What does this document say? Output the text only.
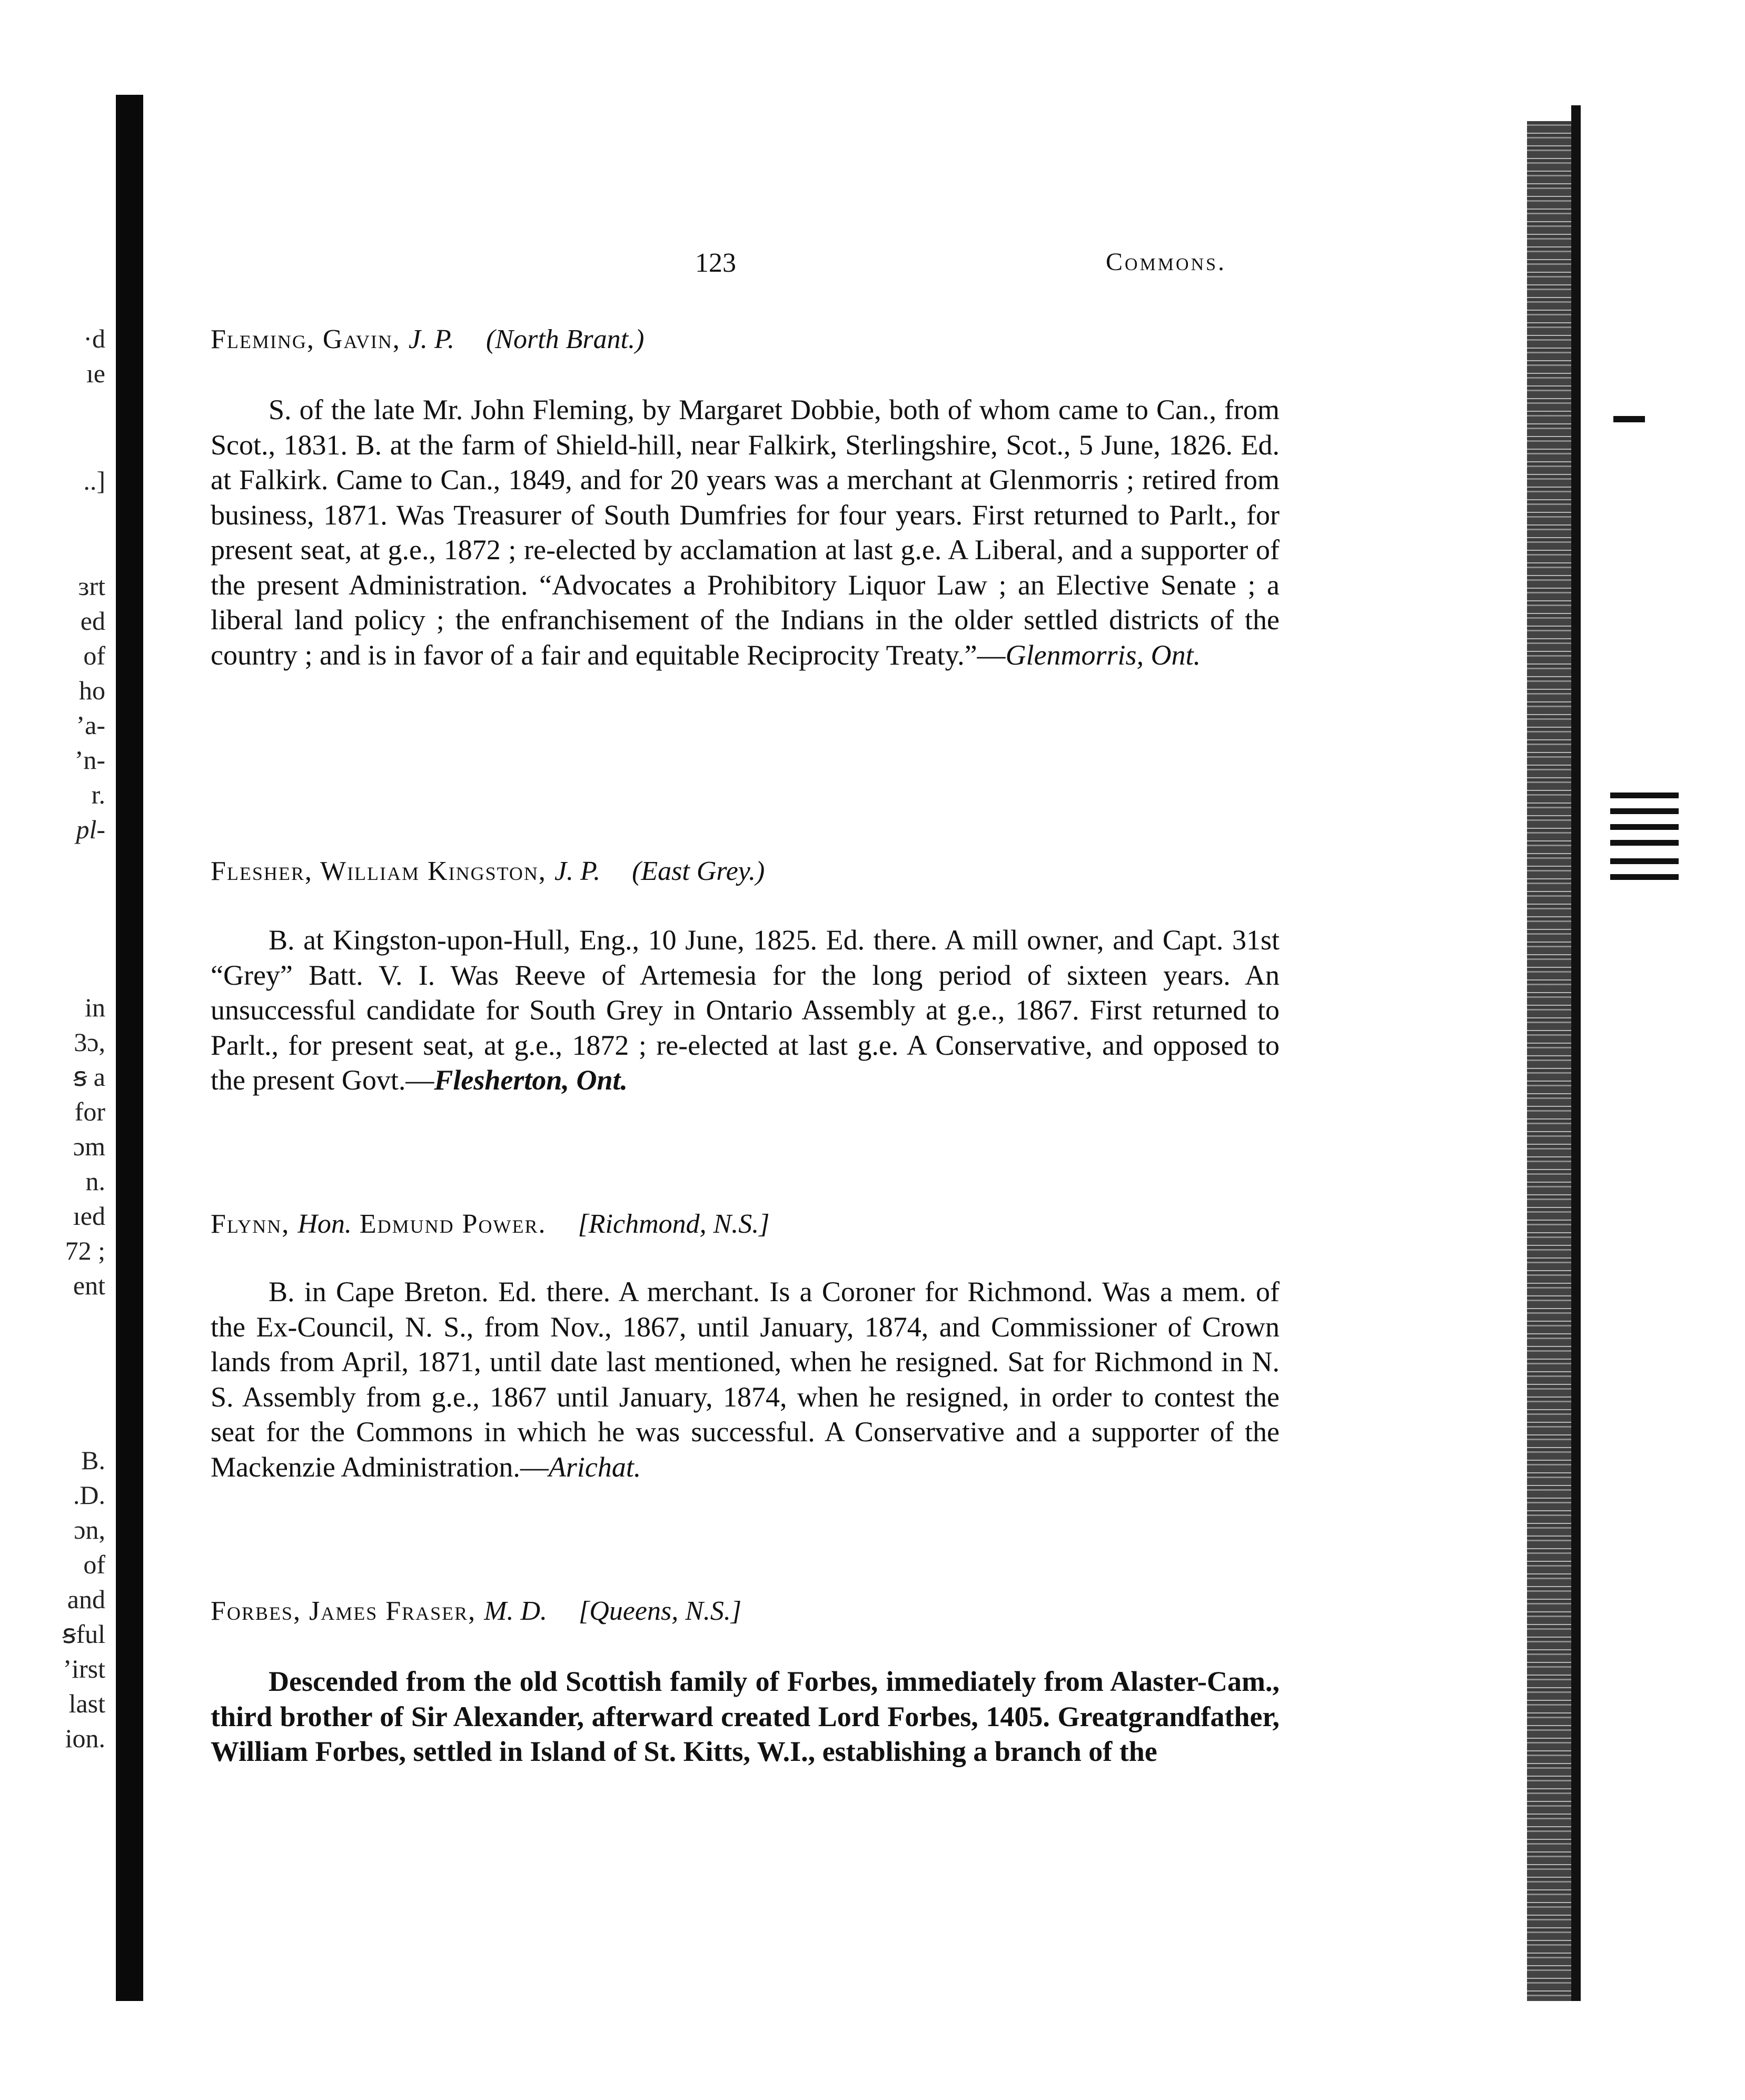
·d
ıe
..]
ɜrt
ed
of
ho
ʼa-
ʼn-
r.
pl-
in
3ɔ,
ꞩ a
for
ɔm
n.
ıed
72 ;
ent
B.
.D.
ɔn,
of
and
ꞩful
ʼirst
last
ion.
123	Commons.
Fleming, Gavin, J. P. (North Brant.)
S. of the late Mr. John Fleming, by Margaret Dobbie, both of whom came to Can., from Scot., 1831. B. at the farm of Shield-hill, near Falkirk, Sterlingshire, Scot., 5 June, 1826. Ed. at Falkirk. Came to Can., 1849, and for 20 years was a merchant at Glenmorris ; retired from business, 1871. Was Treasurer of South Dumfries for four years. First returned to Parlt., for present seat, at g.e., 1872 ; re-elected by acclamation at last g.e. A Liberal, and a supporter of the present Administration. “Advocates a Prohibitory Liquor Law ; an Elective Senate ; a liberal land policy ; the enfranchisement of the Indians in the older settled districts of the country ; and is in favor of a fair and equitable Reciprocity Treaty.”—Glenmorris, Ont.
Flesher, William Kingston, J. P. (East Grey.)
B. at Kingston-upon-Hull, Eng., 10 June, 1825. Ed. there. A mill owner, and Capt. 31st “Grey” Batt. V. I. Was Reeve of Artemesia for the long period of sixteen years. An unsuccessful candidate for South Grey in Ontario Assembly at g.e., 1867. First returned to Parlt., for present seat, at g.e., 1872 ; re-elected at last g.e. A Conservative, and opposed to the present Govt.—Flesherton, Ont.
Flynn, Hon. Edmund Power. [Richmond, N.S.]
B. in Cape Breton. Ed. there. A merchant. Is a Coroner for Richmond. Was a mem. of the Ex-Council, N. S., from Nov., 1867, until January, 1874, and Commissioner of Crown lands from April, 1871, until date last mentioned, when he resigned. Sat for Richmond in N. S. Assembly from g.e., 1867 until January, 1874, when he resigned, in order to contest the seat for the Commons in which he was successful. A Conservative and a supporter of the Mackenzie Administration.—Arichat.
Forbes, James Fraser, M. D. [Queens, N.S.]
Descended from the old Scottish family of Forbes, immediately from Alaster-Cam., third brother of Sir Alexander, afterward created Lord Forbes, 1405. Greatgrandfather, William Forbes, settled in Island of St. Kitts, W.I., establishing a branch of the
